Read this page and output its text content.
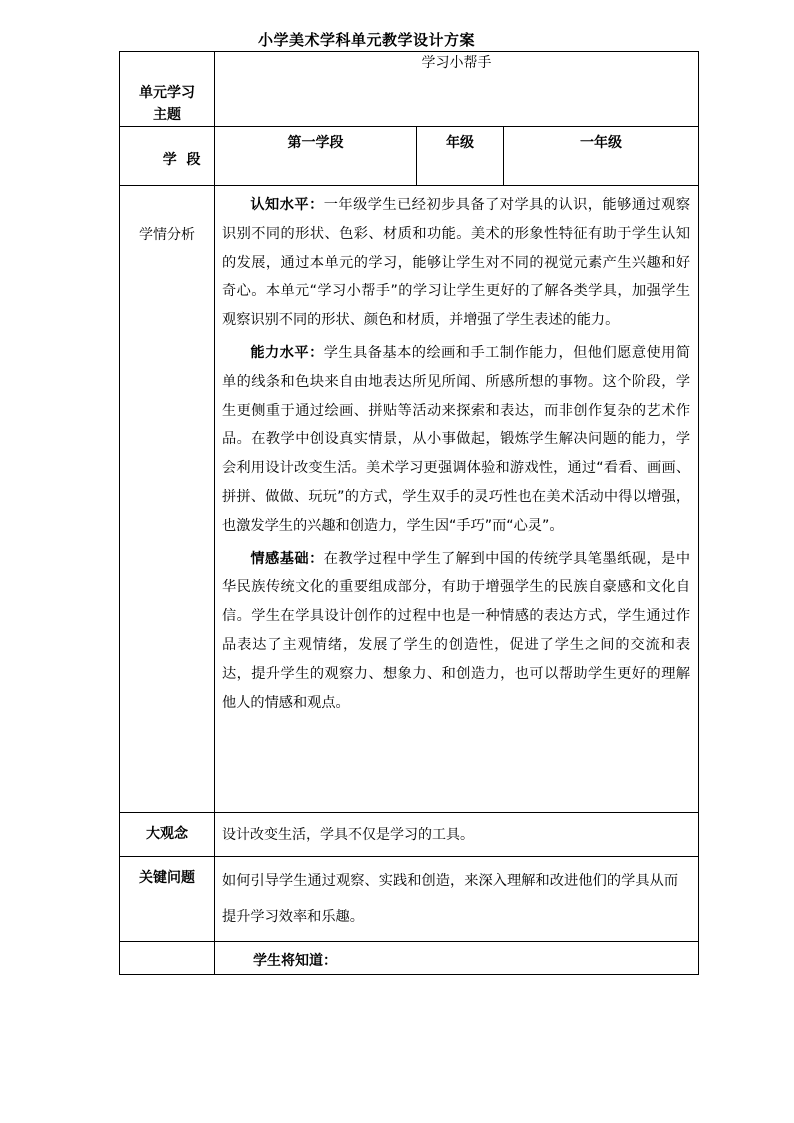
小学美术学科单元教学设计方案

单元学习
主题	学习小帮手		

学  段	第一学段	年级	一年级
学情分析	认知水平：一年级学生已经初步具备了对学具的认识，能够通过观察识别不同的形状、色彩、材质和功能。美术的形象性特征有助于学生认知的发展，通过本单元的学习，能够让学生对不同的视觉元素产生兴趣和好奇心。本单元“学习小帮手”的学习让学生更好的了解各类学具，加强学生观察识别不同的形状、颜色和材质，并增强了学生表述的能力。
能力水平：学生具备基本的绘画和手工制作能力，但他们愿意使用简单的线条和色块来自由地表达所见所闻、所感所想的事物。这个阶段，学生更侧重于通过绘画、拼贴等活动来探索和表达，而非创作复杂的艺术作品。在教学中创设真实情景，从小事做起，锻炼学生解决问题的能力，学会利用设计改变生活。美术学习更强调体验和游戏性，通过“看看、画画、拼拼、做做、玩玩”的方式，学生双手的灵巧性也在美术活动中得以增强，也激发学生的兴趣和创造力，学生因“手巧”而“心灵”。
情感基础：在教学过程中学生了解到中国的传统学具笔墨纸砚，是中华民族传统文化的重要组成部分，有助于增强学生的民族自豪感和文化自信。学生在学具设计创作的过程中也是一种情感的表达方式，学生通过作品表达了主观情绪，发展了学生的创造性，促进了学生之间的交流和表达，提升学生的观察力、想象力、和创造力，也可以帮助学生更好的理解他人的情感和观点。		

大观念	设计改变生活，学具不仅是学习的工具。		
关键问题	如何引导学生通过观察、实践和创造，来深入理解和改进他们的学具从而提升学习效率和乐趣。		

	学生将知道：		
